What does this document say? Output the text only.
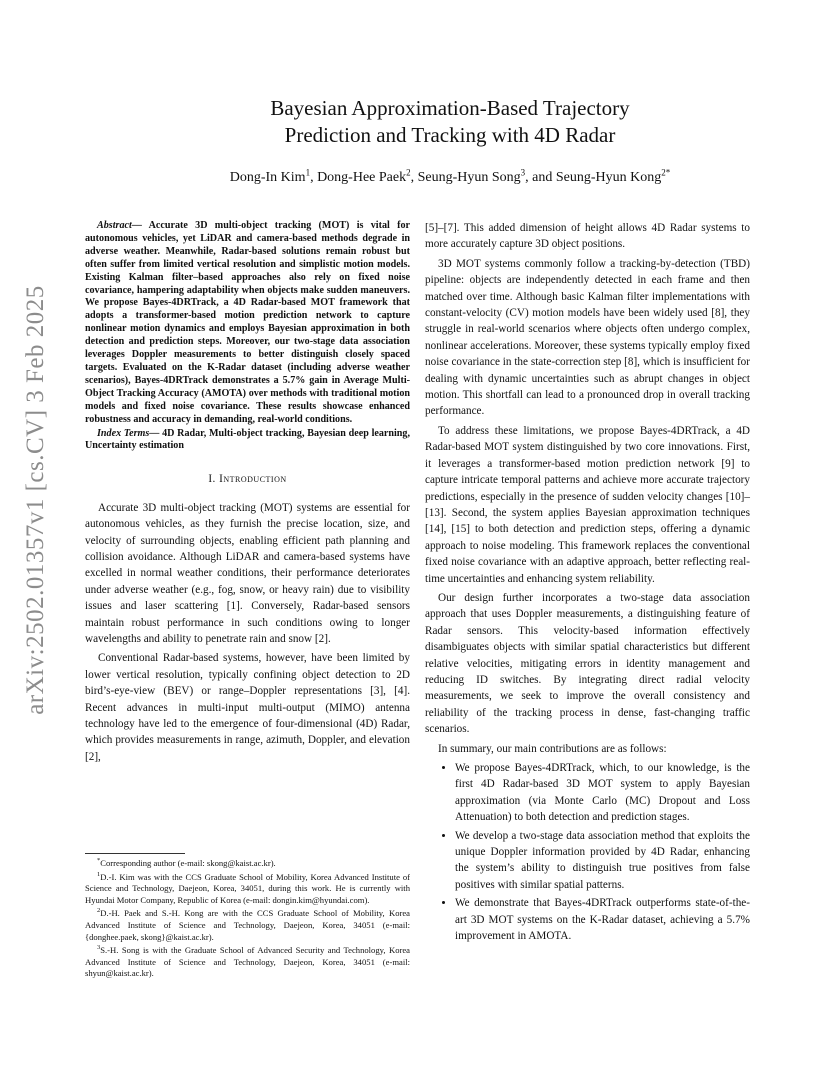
arXiv:2502.01357v1 [cs.CV] 3 Feb 2025
Bayesian Approximation-Based Trajectory
Prediction and Tracking with 4D Radar
Dong-In Kim$^1$, Dong-Hee Paek$^2$, Seung-Hyun Song$^3$, and Seung-Hyun Kong$^{2*}$

Abstract— Accurate 3D multi-object tracking (MOT) is vital for autonomous vehicles, yet LiDAR and camera-based methods degrade in adverse weather. Meanwhile, Radar-based solutions remain robust but often suffer from limited vertical resolution and simplistic motion models. Existing Kalman filter–based approaches also rely on fixed noise covariance, hampering adaptability when objects make sudden maneuvers. We propose Bayes-4DRTrack, a 4D Radar-based MOT framework that adopts a transformer-based motion prediction network to capture nonlinear motion dynamics and employs Bayesian approximation in both detection and prediction steps. Moreover, our two-stage data association leverages Doppler measurements to better distinguish closely spaced targets. Evaluated on the K-Radar dataset (including adverse weather scenarios), Bayes-4DRTrack demonstrates a 5.7% gain in Average Multi-Object Tracking Accuracy (AMOTA) over methods with traditional motion models and fixed noise covariance. These results showcase enhanced robustness and accuracy in demanding, real-world conditions.

Index Terms— 4D Radar, Multi-object tracking, Bayesian deep learning, Uncertainty estimation

I. Introduction

Accurate 3D multi-object tracking (MOT) systems are essential for autonomous vehicles, as they furnish the precise location, size, and velocity of surrounding objects, enabling efficient path planning and collision avoidance. Although LiDAR and camera-based systems have excelled in normal weather conditions, their performance deteriorates under adverse weather (e.g., fog, snow, or heavy rain) due to visibility issues and laser scattering [1]. Conversely, Radar-based sensors maintain robust performance in such conditions owing to longer wavelengths and ability to penetrate rain and snow [2].

Conventional Radar-based systems, however, have been limited by lower vertical resolution, typically confining object detection to 2D bird’s-eye-view (BEV) or range–Doppler representations [3], [4]. Recent advances in multi-input multi-output (MIMO) antenna technology have led to the emergence of four-dimensional (4D) Radar, which provides measurements in range, azimuth, Doppler, and elevation [2],

[5]–[7]. This added dimension of height allows 4D Radar systems to more accurately capture 3D object positions.

3D MOT systems commonly follow a tracking-by-detection (TBD) pipeline: objects are independently detected in each frame and then matched over time. Although basic Kalman filter implementations with constant-velocity (CV) motion models have been widely used [8], they struggle in real-world scenarios where objects often undergo complex, nonlinear accelerations. Moreover, these systems typically employ fixed noise covariance in the state-correction step [8], which is insufficient for dealing with dynamic uncertainties such as abrupt changes in object motion. This shortfall can lead to a pronounced drop in overall tracking performance.

To address these limitations, we propose Bayes-4DRTrack, a 4D Radar-based MOT system distinguished by two core innovations. First, it leverages a transformer-based motion prediction network [9] to capture intricate temporal patterns and achieve more accurate trajectory predictions, especially in the presence of sudden velocity changes [10]–[13]. Second, the system applies Bayesian approximation techniques [14], [15] to both detection and prediction steps, offering a dynamic approach to noise modeling. This framework replaces the conventional fixed noise covariance with an adaptive approach, better reflecting real-time uncertainties and enhancing system reliability.

Our design further incorporates a two-stage data association approach that uses Doppler measurements, a distinguishing feature of Radar sensors. This velocity-based information effectively disambiguates objects with similar spatial characteristics but different relative velocities, mitigating errors in identity management and reducing ID switches. By integrating direct radial velocity measurements, we seek to improve the overall consistency and reliability of the tracking process in dense, fast-changing traffic scenarios.

In summary, our main contributions are as follows:

• We propose Bayes-4DRTrack, which, to our knowledge, is the first 4D Radar-based 3D MOT system to apply Bayesian approximation (via Monte Carlo (MC) Dropout and Loss Attenuation) to both detection and prediction stages.
• We develop a two-stage data association method that exploits the unique Doppler information provided by 4D Radar, enhancing the system’s ability to distinguish true positives from false positives with similar spatial patterns.
• We demonstrate that Bayes-4DRTrack outperforms state-of-the-art 3D MOT systems on the K-Radar dataset, achieving a 5.7% improvement in AMOTA.

*Corresponding author (e-mail: skong@kaist.ac.kr).

$^1$D.-I. Kim was with the CCS Graduate School of Mobility, Korea Advanced Institute of Science and Technology, Daejeon, Korea, 34051, during this work. He is currently with Hyundai Motor Company, Republic of Korea (e-mail: dongin.kim@hyundai.com).

$^2$D.-H. Paek and S.-H. Kong are with the CCS Graduate School of Mobility, Korea Advanced Institute of Science and Technology, Daejeon, Korea, 34051 (e-mail: {donghee.paek, skong}@kaist.ac.kr).

$^3$S.-H. Song is with the Graduate School of Advanced Security and Technology, Korea Advanced Institute of Science and Technology, Daejeon, Korea, 34051 (e-mail: shyun@kaist.ac.kr).
